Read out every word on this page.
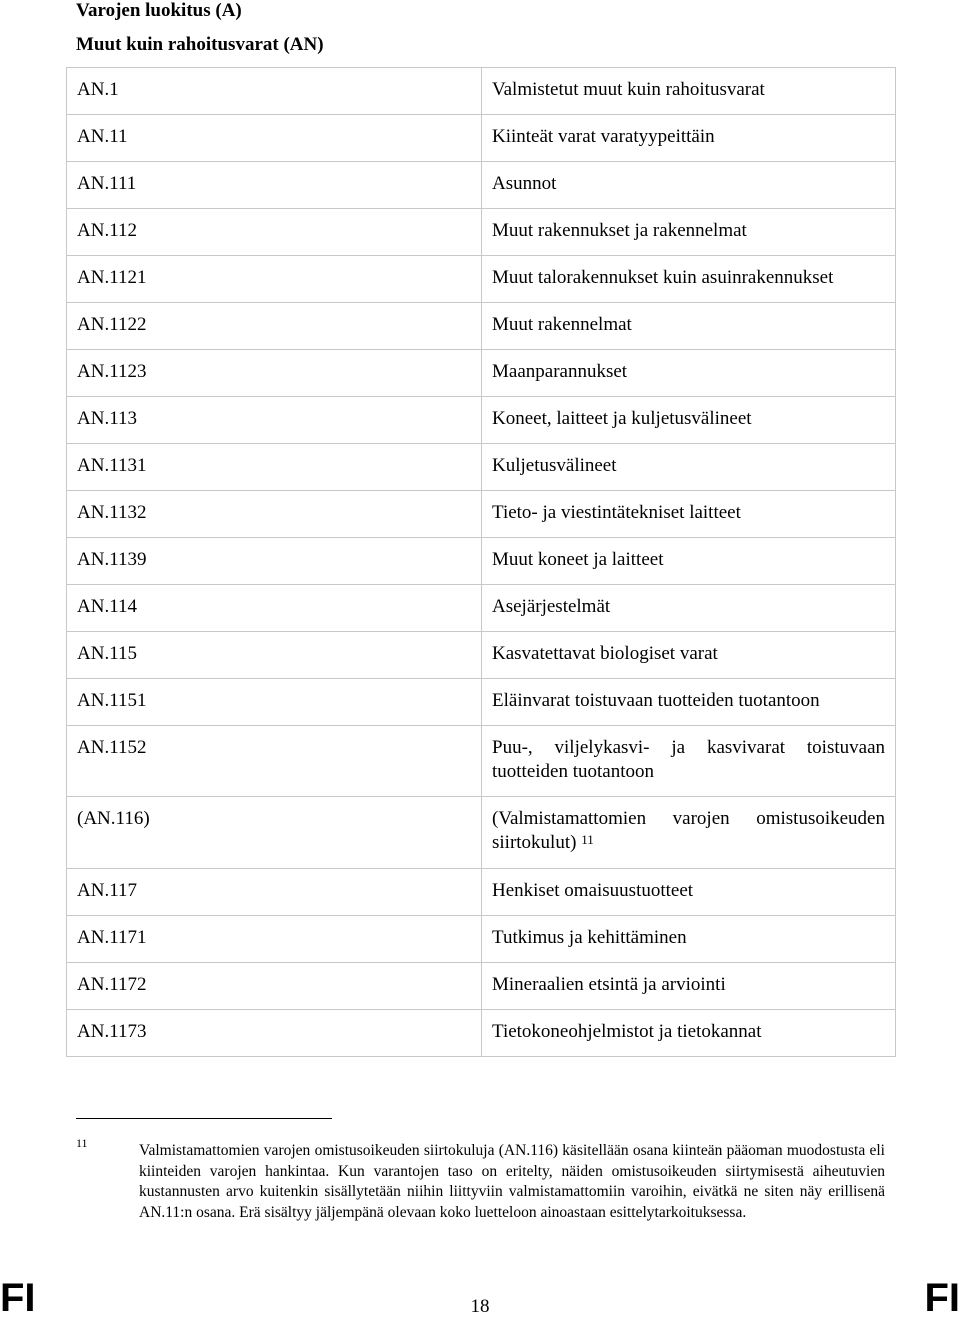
Varojen luokitus (A)
Muut kuin rahoitusvarat (AN)
AN.1	Valmistetut muut kuin rahoitusvarat
AN.11	Kiinteät varat varatyypeittäin
AN.111	Asunnot
AN.112	Muut rakennukset ja rakennelmat
AN.1121	Muut talorakennukset kuin asuinrakennukset
AN.1122	Muut rakennelmat
AN.1123	Maanparannukset
AN.113	Koneet, laitteet ja kuljetusvälineet
AN.1131	Kuljetusvälineet
AN.1132	Tieto- ja viestintätekniset laitteet
AN.1139	Muut koneet ja laitteet
AN.114	Asejärjestelmät
AN.115	Kasvatettavat biologiset varat
AN.1151	Eläinvarat toistuvaan tuotteiden tuotantoon
AN.1152	Puu-, viljelykasvi- ja kasvivarat toistuvaan tuotteiden tuotantoon
(AN.116)	(Valmistamattomien varojen omistusoikeuden siirtokulut) $^{11}$
AN.117	Henkiset omaisuustuotteet
AN.1171	Tutkimus ja kehittäminen
AN.1172	Mineraalien etsintä ja arviointi
AN.1173	Tietokoneohjelmistot ja tietokannat
11	Valmistamattomien varojen omistusoikeuden siirtokuluja (AN.116) käsitellään osana kiinteän pääoman muodostusta eli kiinteiden varojen hankintaa. Kun varantojen taso on eritelty, näiden omistusoikeuden siirtymisestä aiheutuvien kustannusten arvo kuitenkin sisällytetään niihin liittyviin valmistamattomiin varoihin, eivätkä ne siten näy erillisenä AN.11:n osana. Erä sisältyy jäljempänä olevaan koko luetteloon ainoastaan esittelytarkoituksessa.
FI	18	FI
